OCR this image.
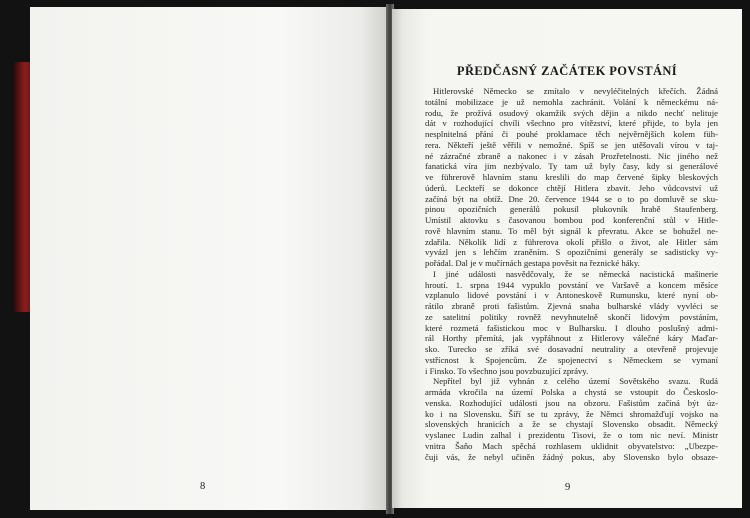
8
PŘEDČASNÝ ZAČÁTEK POVSTÁNÍ
Hitlerovské Německo se zmítalo v nevyléčitelných křečích. Žádná
totální mobilizace je už nemohla zachránit. Volání k německému ná-
rodu, že prožívá osudový okamžik svých dějin a nikdo nechť nelituje
dát v rozhodující chvíli všechno pro vítězství, které přijde, to byla jen
nesplnitelná přání či pouhé proklamace těch nejvěrnějších kolem füh-
rera. Někteří ještě věřili v nemožné. Spíš se jen utěšovali vírou v taj-
né zázračné zbraně a nakonec i v zásah Prozřetelnosti. Nic jiného než
fanatická víra jim nezbývalo. Ty tam už byly časy, kdy si generálové
ve führerově hlavním stanu kreslili do map červené šipky bleskových
úderů. Leckteří se dokonce chtějí Hitlera zbavit. Jeho vůdcovství už
začíná být na obtíž. Dne 20. července 1944 se o to po domluvě se sku-
pinou opozičních generálů pokusil plukovník hrabě Staufenberg.
Umístil aktovku s časovanou bombou pod konferenční stůl v Hitle-
rově hlavním stanu. To měl být signál k převratu. Akce se bohužel ne-
zdařila. Několik lidí z führerova okolí přišlo o život, ale Hitler sám
vyvázl jen s lehčím zraněním. S opozičními generály se sadisticky vy-
pořádal. Dal je v mučírnách gestapa pověsit na řeznické háky.
I jiné události nasvědčovaly, že se německá nacistická mašinerie
hroutí. 1. srpna 1944 vypuklo povstání ve Varšavě a koncem měsíce
vzplanulo lidové povstání i v Antoneskově Rumunsku, které nyní ob-
rátilo zbraně proti fašistům. Zjevná snaha bulharské vlády vyvléci se
ze satelitní politiky rovněž nevyhnutelně skončí lidovým povstáním,
které rozmetá fašistickou moc v Bulharsku. I dlouho poslušný admi-
rál Horthy přemítá, jak vypřáhnout z Hitlerovy válečné káry Maďar-
sko. Turecko se zříká své dosavadní neutrality a otevřeně projevuje
vstřícnost k Spojencům. Ze spojenectví s Německem se vymaní
i Finsko. To všechno jsou povzbuzující zprávy.
Nepřítel byl již vyhnán z celého území Sovětského svazu. Rudá
armáda vkročila na území Polska a chystá se vstoupit do Českoslo-
venska. Rozhodující události jsou na obzoru. Fašistům začíná být úz-
ko i na Slovensku. Šíří se tu zprávy, že Němci shromažďují vojsko na
slovenských hranicích a že se chystají Slovensko obsadit. Německý
vyslanec Ludin zalhal i prezidentu Tisovi, že o tom nic neví. Ministr
vnitra Šaňo Mach spěchá rozhlasem uklidnit obyvatelstvo: „Ubezpe-
čuji vás, že nebyl učiněn žádný pokus, aby Slovensko bylo obsaze-
9
